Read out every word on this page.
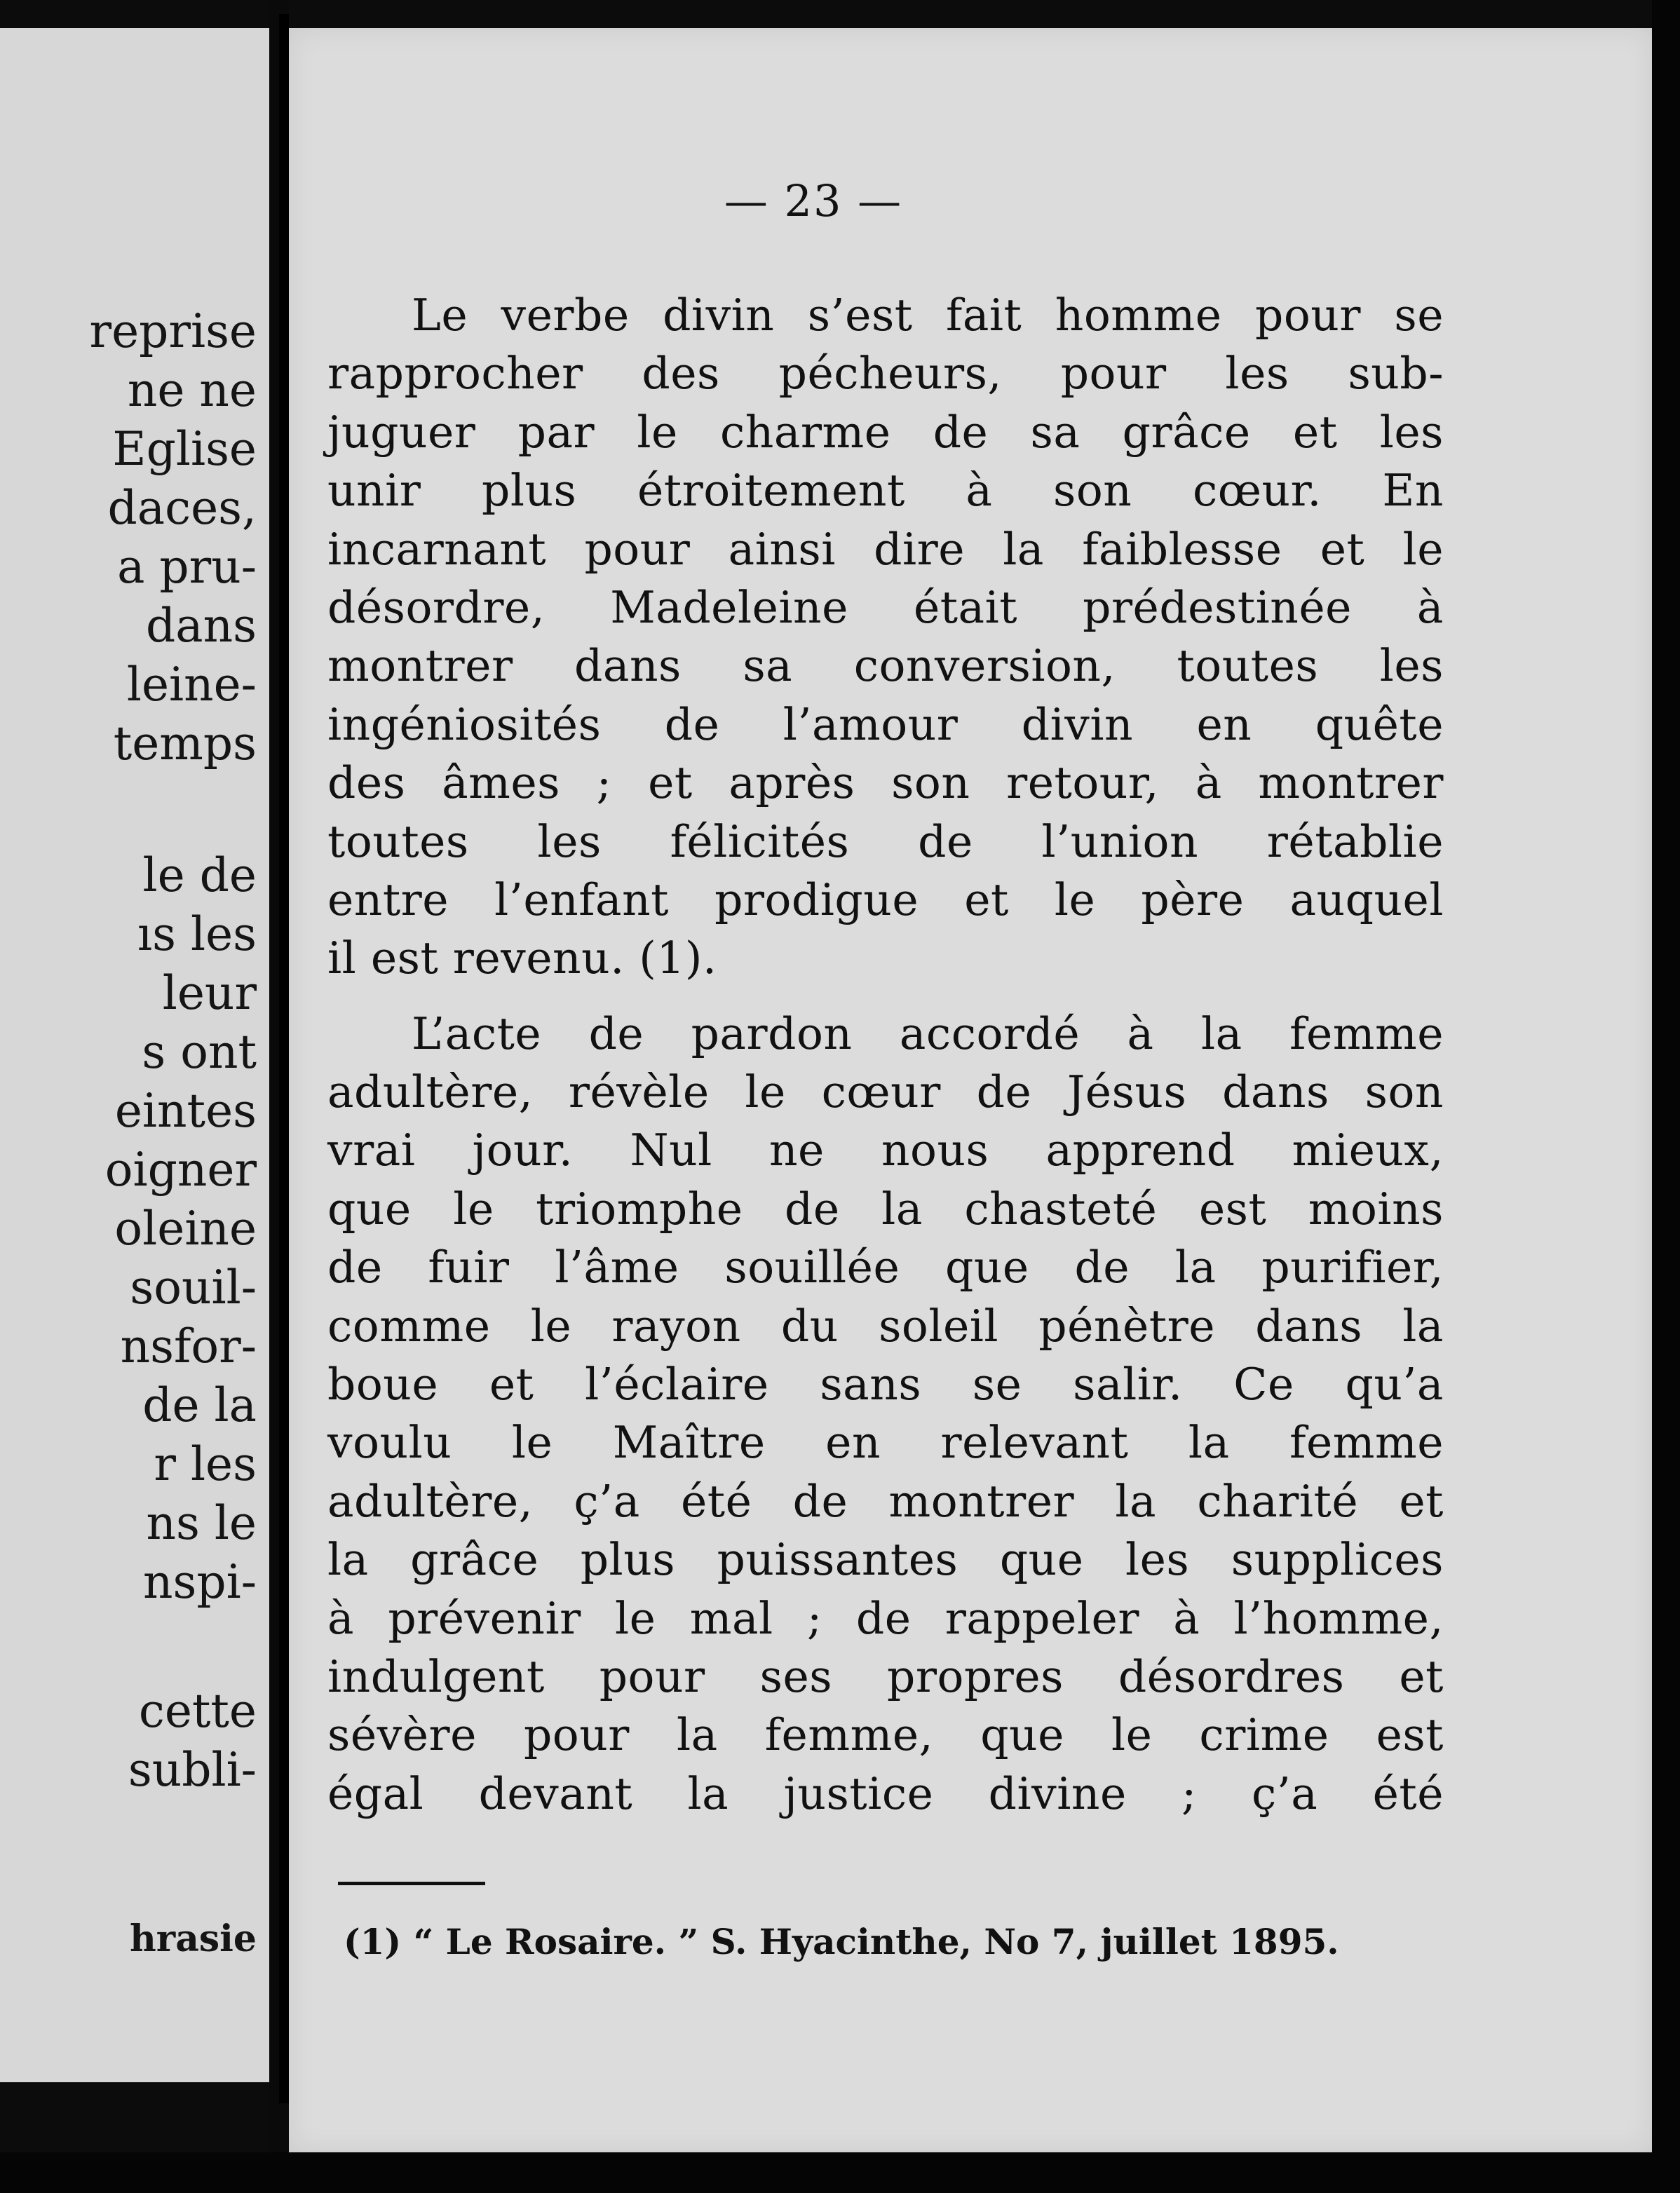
reprise
ne ne
Eglise
daces,
a pru-
dans
leine-
temps
le de
ıs les
leur
s ont
eintes
oigner
oleine
souil-
nsfor-
de la
r les
ns le
nspi-
cette
subli-
hrasie
— 23 —
Le verbe divin s’est fait homme pour se
rapprocher des pécheurs, pour les sub-
juguer par le charme de sa grâce et les
unir plus étroitement à son cœur. En
incarnant pour ainsi dire la faiblesse et le
désordre, Madeleine était prédestinée à
montrer dans sa conversion, toutes les
ingéniosités de l’amour divin en quête
des âmes ; et après son retour, à montrer
toutes les félicités de l’union rétablie
entre l’enfant prodigue et le père auquel
il est revenu. (1).
L’acte de pardon accordé à la femme
adultère, révèle le cœur de Jésus dans son
vrai jour. Nul ne nous apprend mieux,
que le triomphe de la chasteté est moins
de fuir l’âme souillée que de la purifier,
comme le rayon du soleil pénètre dans la
boue et l’éclaire sans se salir. Ce qu’a
voulu le Maître en relevant la femme
adultère, ç’a été de montrer la charité et
la grâce plus puissantes que les supplices
à prévenir le mal ; de rappeler à l’homme,
indulgent pour ses propres désordres et
sévère pour la femme, que le crime est
égal devant la justice divine ; ç’a été
(1) “ Le Rosaire. ” S. Hyacinthe, No 7, juillet 1895.
